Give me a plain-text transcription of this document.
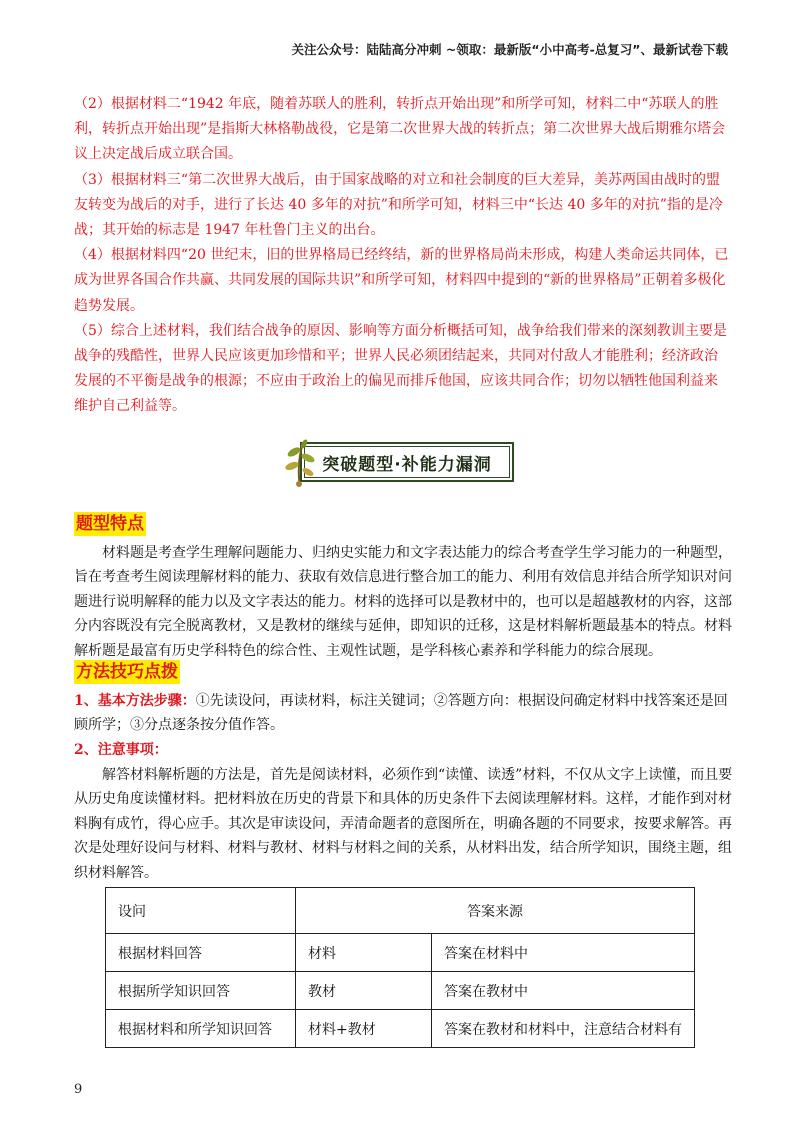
关注公众号：陆陆高分冲刺 ~领取：最新版“小中高考-总复习”、最新试卷下载

（2）根据材料二“1942 年底，随着苏联人的胜利，转折点开始出现”和所学可知，材料二中“苏联人的胜利，转折点开始出现”是指斯大林格勒战役，它是第二次世界大战的转折点；第二次世界大战后期雅尔塔会议上决定战后成立联合国。

（3）根据材料三“第二次世界大战后，由于国家战略的对立和社会制度的巨大差异，美苏两国由战时的盟友转变为战后的对手，进行了长达 40 多年的对抗”和所学可知，材料三中“长达 40 多年的对抗”指的是冷战；其开始的标志是 1947 年杜鲁门主义的出台。

（4）根据材料四“20 世纪末，旧的世界格局已经终结，新的世界格局尚未形成，构建人类命运共同体，已成为世界各国合作共赢、共同发展的国际共识”和所学可知，材料四中提到的“新的世界格局”正朝着多极化趋势发展。

（5）综合上述材料，我们结合战争的原因、影响等方面分析概括可知，战争给我们带来的深刻教训主要是战争的残酷性，世界人民应该更加珍惜和平；世界人民必须团结起来，共同对付敌人才能胜利；经济政治发展的不平衡是战争的根源；不应由于政治上的偏见而排斥他国，应该共同合作；切勿以牺牲他国利益来维护自己利益等。

突破题型·补能力漏洞
题型特点
材料题是考查学生理解问题能力、归纳史实能力和文字表达能力的综合考查学生学习能力的一种题型，旨在考查考生阅读理解材料的能力、获取有效信息进行整合加工的能力、利用有效信息并结合所学知识对问题进行说明解释的能力以及文字表达的能力。材料的选择可以是教材中的，也可以是超越教材的内容，这部分内容既没有完全脱离教材，又是教材的继续与延伸，即知识的迁移，这是材料解析题最基本的特点。材料解析题是最富有历史学科特色的综合性、主观性试题，是学科核心素养和学科能力的综合展现。
方法技巧点拨
1、基本方法步骤：①先读设问，再读材料，标注关键词；②答题方向：根据设问确定材料中找答案还是回顾所学；③分点逐条按分值作答。
2、注意事项：
解答材料解析题的方法是，首先是阅读材料，必须作到“读懂、读透”材料，不仅从文字上读懂，而且要从历史角度读懂材料。把材料放在历史的背景下和具体的历史条件下去阅读理解材料。这样，才能作到对材料胸有成竹，得心应手。其次是审读设问，弄清命题者的意图所在，明确各题的不同要求，按要求解答。再次是处理好设问与材料、材料与教材、材料与材料之间的关系，从材料出发，结合所学知识，围绕主题，组织材料解答。
设问	答案来源	
根据材料回答	材料	答案在材料中
根据所学知识回答	教材	答案在教材中
根据材料和所学知识回答	材料+教材	答案在教材和材料中，注意结合材料有
9
